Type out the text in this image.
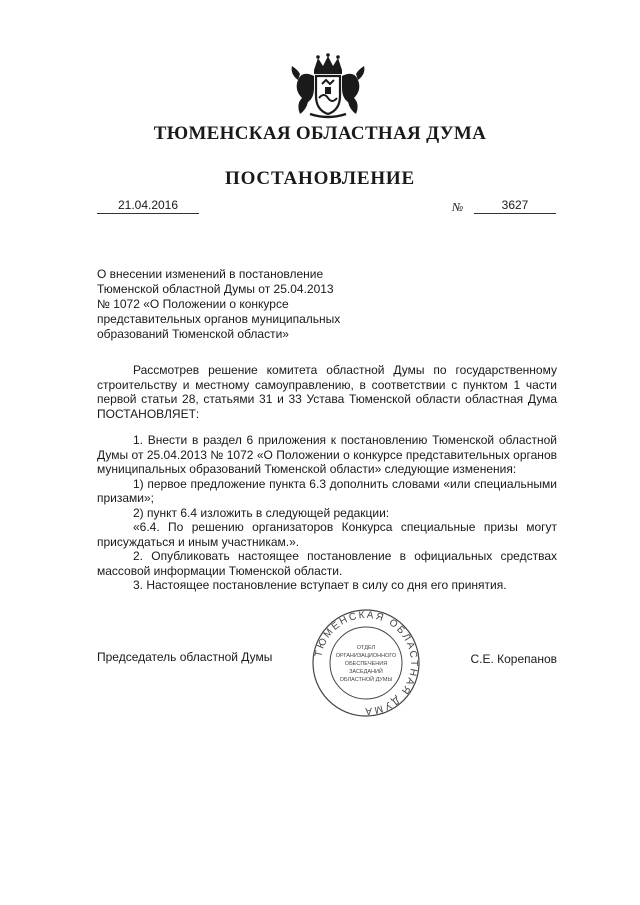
ТЮМЕНСКАЯ ОБЛАСТНАЯ ДУМА
ПОСТАНОВЛЕНИЕ
21.04.2016	№	3627
О внесении изменений в постановление
Тюменской областной Думы от 25.04.2013
№ 1072 «О Положении о конкурсе
представительных органов муниципальных
образований Тюменской области»

Рассмотрев решение комитета областной Думы по государственному строительству и местному самоуправлению, в соответствии с пунктом 1 части первой статьи 28, статьями 31 и 33 Устава Тюменской области областная Дума ПОСТАНОВЛЯЕТ:

1. Внести в раздел 6 приложения к постановлению Тюменской областной Думы от 25.04.2013 № 1072 «О Положении о конкурсе представительных органов муниципальных образований Тюменской области» следующие изменения:

1) первое предложение пункта 6.3 дополнить словами «или специальными призами»;

2) пункт 6.4 изложить в следующей редакции:

«6.4. По решению организаторов Конкурса специальные призы могут присуждаться и иным участникам.».

2. Опубликовать настоящее постановление в официальных средствах массовой информации Тюменской области.

3. Настоящее постановление вступает в силу со дня его принятия.

Председатель областной Думы	С.Е. Корепанов
ТЮМЕНСКАЯ ОБЛАСТНАЯ ДУМА
ОТДЕЛ
ОРГАНИЗАЦИОННОГО
ОБЕСПЕЧЕНИЯ
ЗАСЕДАНИЙ
ОБЛАСТНОЙ ДУМЫ
